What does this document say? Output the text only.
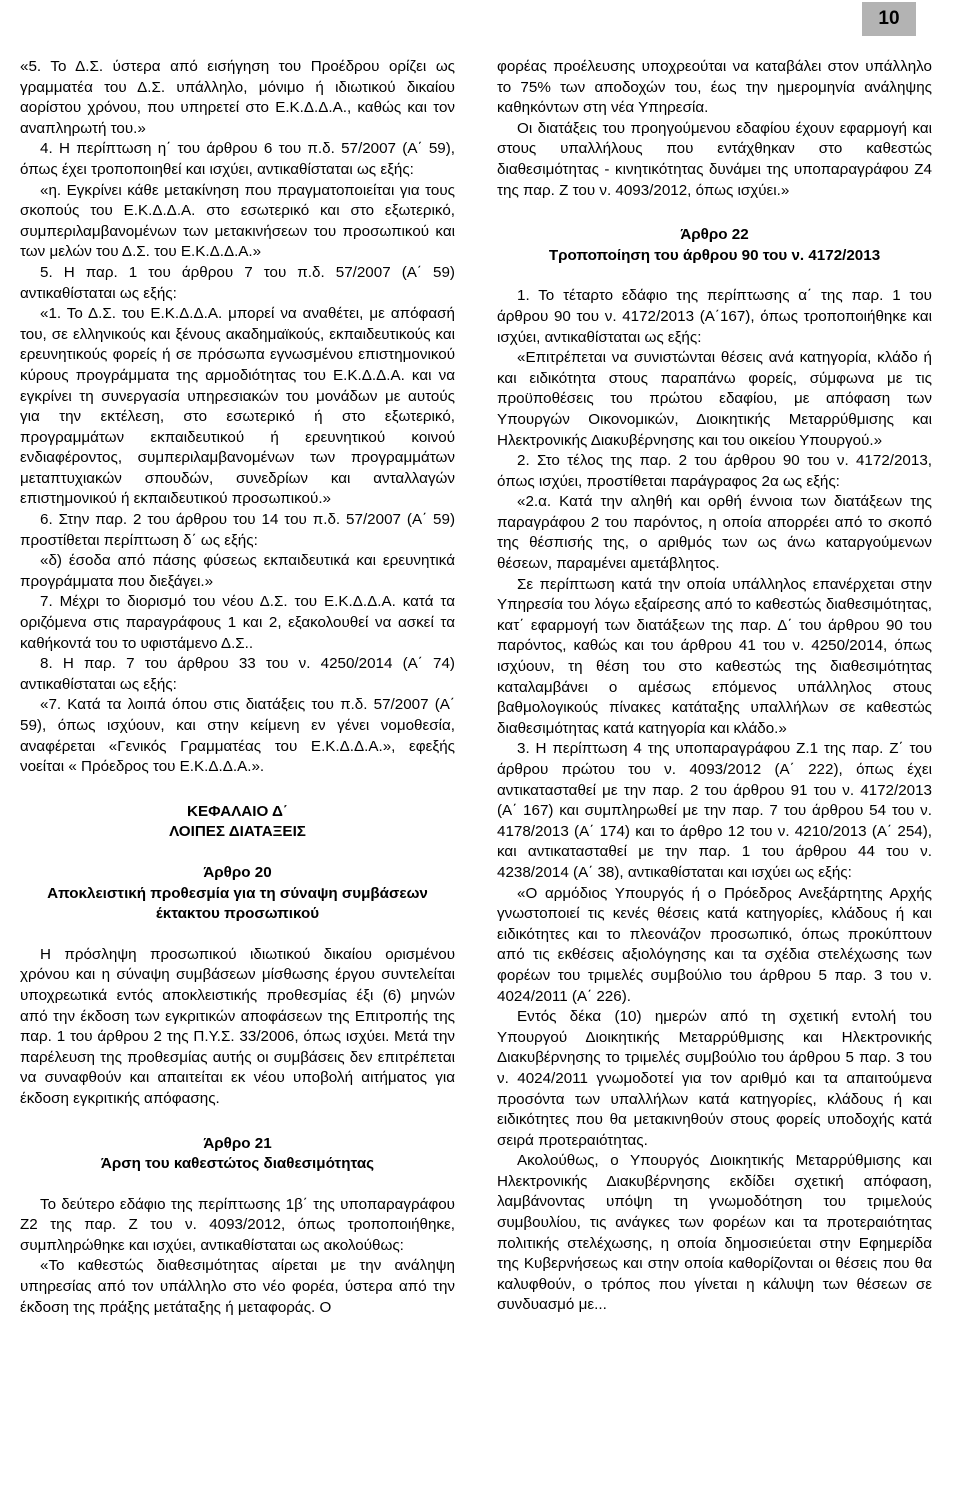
10

«5. Το Δ.Σ. ύστερα από εισήγηση του Προέδρου ορίζει ως γραμματέα του Δ.Σ. υπάλληλο, μόνιμο ή ιδιωτικού δικαίου αορίστου χρόνου, που υπηρετεί στο Ε.Κ.Δ.Δ.Α., καθώς και τον αναπληρωτή του.»

4. Η περίπτωση η΄ του άρθρου 6 του π.δ. 57/2007 (Α΄ 59), όπως έχει τροποποιηθεί και ισχύει, αντικαθίσταται ως εξής:

«η. Εγκρίνει κάθε μετακίνηση που πραγματοποιείται για τους σκοπούς του Ε.Κ.Δ.Δ.Α. στο εσωτερικό και στο εξωτερικό, συμπεριλαμβανομένων των μετακινήσεων του προσωπικού και των μελών του Δ.Σ. του Ε.Κ.Δ.Δ.Α.»

5. Η παρ. 1 του άρθρου 7 του π.δ. 57/2007 (Α΄ 59) αντικαθίσταται ως εξής:

«1. Το Δ.Σ. του Ε.Κ.Δ.Δ.Α. μπορεί να αναθέτει, με απόφασή του, σε ελληνικούς και ξένους ακαδημαϊκούς, εκπαιδευτικούς και ερευνητικούς φορείς ή σε πρόσωπα εγνωσμένου επιστημονικού κύρους προγράμματα της αρμοδιότητας του Ε.Κ.Δ.Δ.Α. και να εγκρίνει τη συνεργασία υπηρεσιακών του μονάδων με αυτούς για την εκτέλεση, στο εσωτερικό ή στο εξωτερικό, προγραμμάτων εκπαιδευτικού ή ερευνητικού κοινού ενδιαφέροντος, συμπεριλαμβανομένων των προγραμμάτων μεταπτυχιακών σπουδών, συνεδρίων και ανταλλαγών επιστημονικού ή εκπαιδευτικού προσωπικού.»

6. Στην παρ. 2 του άρθρου του 14 του π.δ. 57/2007 (Α΄ 59) προστίθεται περίπτωση δ΄ ως εξής:

«δ) έσοδα από πάσης φύσεως εκπαιδευτικά και ερευνητικά προγράμματα που διεξάγει.»

7. Μέχρι το διορισμό του νέου Δ.Σ. του Ε.Κ.Δ.Δ.Α. κατά τα οριζόμενα στις παραγράφους 1 και 2, εξακολουθεί να ασκεί τα καθήκοντά του το υφιστάμενο Δ.Σ..

8. Η παρ. 7 του άρθρου 33 του ν. 4250/2014 (Α΄ 74) αντικαθίσταται ως εξής:

«7. Κατά τα λοιπά όπου στις διατάξεις του π.δ. 57/2007 (Α΄ 59), όπως ισχύουν, και στην κείμενη εν γένει νομοθεσία, αναφέρεται «Γενικός Γραμματέας του Ε.Κ.Δ.Δ.Α.», εφεξής νοείται « Πρόεδρος του Ε.Κ.Δ.Δ.Α.».

ΚΕΦΑΛΑΙΟ Δ΄

ΛΟΙΠΕΣ ΔΙΑΤΑΞΕΙΣ

Άρθρο 20

Αποκλειστική προθεσμία για τη σύναψη συμβάσεων έκτακτου προσωπικού

Η πρόσληψη προσωπικού ιδιωτικού δικαίου ορισμένου χρόνου και η σύναψη συμβάσεων μίσθωσης έργου συντελείται υποχρεωτικά εντός αποκλειστικής προθεσμίας έξι (6) μηνών από την έκδοση των εγκριτικών αποφάσεων της Επιτροπής της παρ. 1 του άρθρου 2 της Π.Υ.Σ. 33/2006, όπως ισχύει. Μετά την παρέλευση της προθεσμίας αυτής οι συμβάσεις δεν επιτρέπεται να συναφθούν και απαιτείται εκ νέου υποβολή αιτήματος για έκδοση εγκριτικής απόφασης.

Άρθρο 21

Άρση του καθεστώτος διαθεσιμότητας

Το δεύτερο εδάφιο της περίπτωσης 1β΄ της υποπαραγράφου Ζ2 της παρ. Ζ του ν. 4093/2012, όπως τροποποιήθηκε, συμπληρώθηκε και ισχύει, αντικαθίσταται ως ακολούθως:

«Το καθεστώς διαθεσιμότητας αίρεται με την ανάληψη υπηρεσίας από τον υπάλληλο στο νέο φορέα, ύστερα από την έκδοση της πράξης μετάταξης ή μεταφοράς. Ο

φορέας προέλευσης υποχρεούται να καταβάλει στον υπάλληλο το 75% των αποδοχών του, έως την ημερομηνία ανάληψης καθηκόντων στη νέα Υπηρεσία.

Οι διατάξεις του προηγούμενου εδαφίου έχουν εφαρμογή και στους υπαλλήλους που εντάχθηκαν στο καθεστώς διαθεσιμότητας - κινητικότητας δυνάμει της υποπαραγράφου Ζ4 της παρ. Ζ του ν. 4093/2012, όπως ισχύει.»

Άρθρο 22

Τροποποίηση του άρθρου 90 του ν. 4172/2013

1. Το τέταρτο εδάφιο της περίπτωσης α΄ της παρ. 1 του άρθρου 90 του ν. 4172/2013 (Α΄167), όπως τροποποιήθηκε και ισχύει, αντικαθίσταται ως εξής:

«Επιτρέπεται να συνιστώνται θέσεις ανά κατηγορία, κλάδο ή και ειδικότητα στους παραπάνω φορείς, σύμφωνα με τις προϋποθέσεις του πρώτου εδαφίου, με απόφαση των Υπουργών Οικονομικών, Διοικητικής Μεταρρύθμισης και Ηλεκτρονικής Διακυβέρνησης και του οικείου Υπουργού.»

2. Στο τέλος της παρ. 2 του άρθρου 90 του ν. 4172/2013, όπως ισχύει, προστίθεται παράγραφος 2α ως εξής:

«2.α. Κατά την αληθή και ορθή έννοια των διατάξεων της παραγράφου 2 του παρόντος, η οποία απορρέει από το σκοπό της θέσπισής της, ο αριθμός των ως άνω καταργούμενων θέσεων, παραμένει αμετάβλητος.

Σε περίπτωση κατά την οποία υπάλληλος επανέρχεται στην Υπηρεσία του λόγω εξαίρεσης από το καθεστώς διαθεσιμότητας, κατ΄ εφαρμογή των διατάξεων της παρ. Δ΄ του άρθρου 90 του παρόντος, καθώς και του άρθρου 41 του ν. 4250/2014, όπως ισχύουν, τη θέση του στο καθεστώς της διαθεσιμότητας καταλαμβάνει ο αμέσως επόμενος υπάλληλος στους βαθμολογικούς πίνακες κατάταξης υπαλλήλων σε καθεστώς διαθεσιμότητας κατά κατηγορία και κλάδο.»

3. Η περίπτωση 4 της υποπαραγράφου Ζ.1 της παρ. Ζ΄ του άρθρου πρώτου του ν. 4093/2012 (Α΄ 222), όπως έχει αντικατασταθεί με την παρ. 2 του άρθρου 91 του ν. 4172/2013 (Α΄ 167) και συμπληρωθεί με την παρ. 7 του άρθρου 54 του ν. 4178/2013 (Α΄ 174) και το άρθρο 12 του ν. 4210/2013 (Α΄ 254), και αντικατασταθεί με την παρ. 1 του άρθρου 44 του ν. 4238/2014 (Α΄ 38), αντικαθίσταται και ισχύει ως εξής:

«Ο αρμόδιος Υπουργός ή ο Πρόεδρος Ανεξάρτητης Αρχής γνωστοποιεί τις κενές θέσεις κατά κατηγορίες, κλάδους ή και ειδικότητες και το πλεονάζον προσωπικό, όπως προκύπτουν από τις εκθέσεις αξιολόγησης και τα σχέδια στελέχωσης των φορέων του τριμελές συμβούλιο του άρθρου 5 παρ. 3 του ν. 4024/2011 (Α΄ 226).

Εντός δέκα (10) ημερών από τη σχετική εντολή του Υπουργού Διοικητικής Μεταρρύθμισης και Ηλεκτρονικής Διακυβέρνησης το τριμελές συμβούλιο του άρθρου 5 παρ. 3 του ν. 4024/2011 γνωμοδοτεί για τον αριθμό και τα απαιτούμενα προσόντα των υπαλλήλων κατά κατηγορίες, κλάδους ή και ειδικότητες που θα μετακινηθούν στους φορείς υποδοχής κατά σειρά προτεραιότητας.

Ακολούθως, ο Υπουργός Διοικητικής Μεταρρύθμισης και Ηλεκτρονικής Διακυβέρνησης εκδίδει σχετική απόφαση, λαμβάνοντας υπόψη τη γνωμοδότηση του τριμελούς συμβουλίου, τις ανάγκες των φορέων και τα προτεραιότητας πολιτικής στελέχωσης, η οποία δημοσιεύεται στην Εφημερίδα της Κυβερνήσεως και στην οποία καθορίζονται οι θέσεις που θα καλυφθούν, ο τρόπος που γίνεται η κάλυψη των θέσεων σε συνδυασμό με...
